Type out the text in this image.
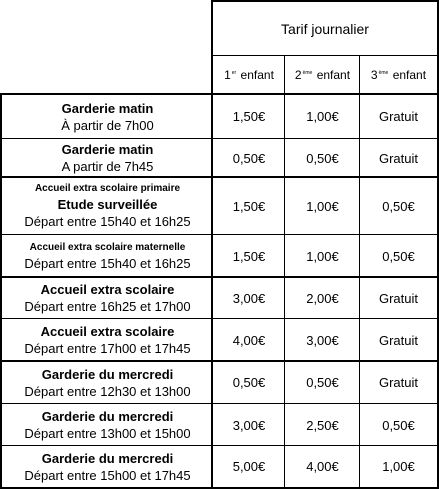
Tarif journalier
1er enfant 2ème enfant 3ème enfant
Garderie matin
À partir de 7h00
1,50€	1,00€	Gratuit
Garderie matin
A partir de 7h45
0,50€	0,50€	Gratuit
Accueil extra scolaire primaire
Etude surveillée
Départ entre 15h40 et 16h25
1,50€	1,00€	0,50€
Accueil extra scolaire maternelle
Départ entre 15h40 et 16h25	1,50€	1,00€	0,50€
Accueil extra scolaire
Départ entre 16h25 et 17h00
3,00€	2,00€	Gratuit
Accueil extra scolaire
Départ entre 17h00 et 17h45
4,00€	3,00€	Gratuit
Garderie du mercredi
Départ entre 12h30 et 13h00
0,50€	0,50€	Gratuit
Garderie du mercredi
Départ entre 13h00 et 15h00
3,00€	2,50€	0,50€
Garderie du mercredi
Départ entre 15h00 et 17h45
5,00€	4,00€	1,00€
